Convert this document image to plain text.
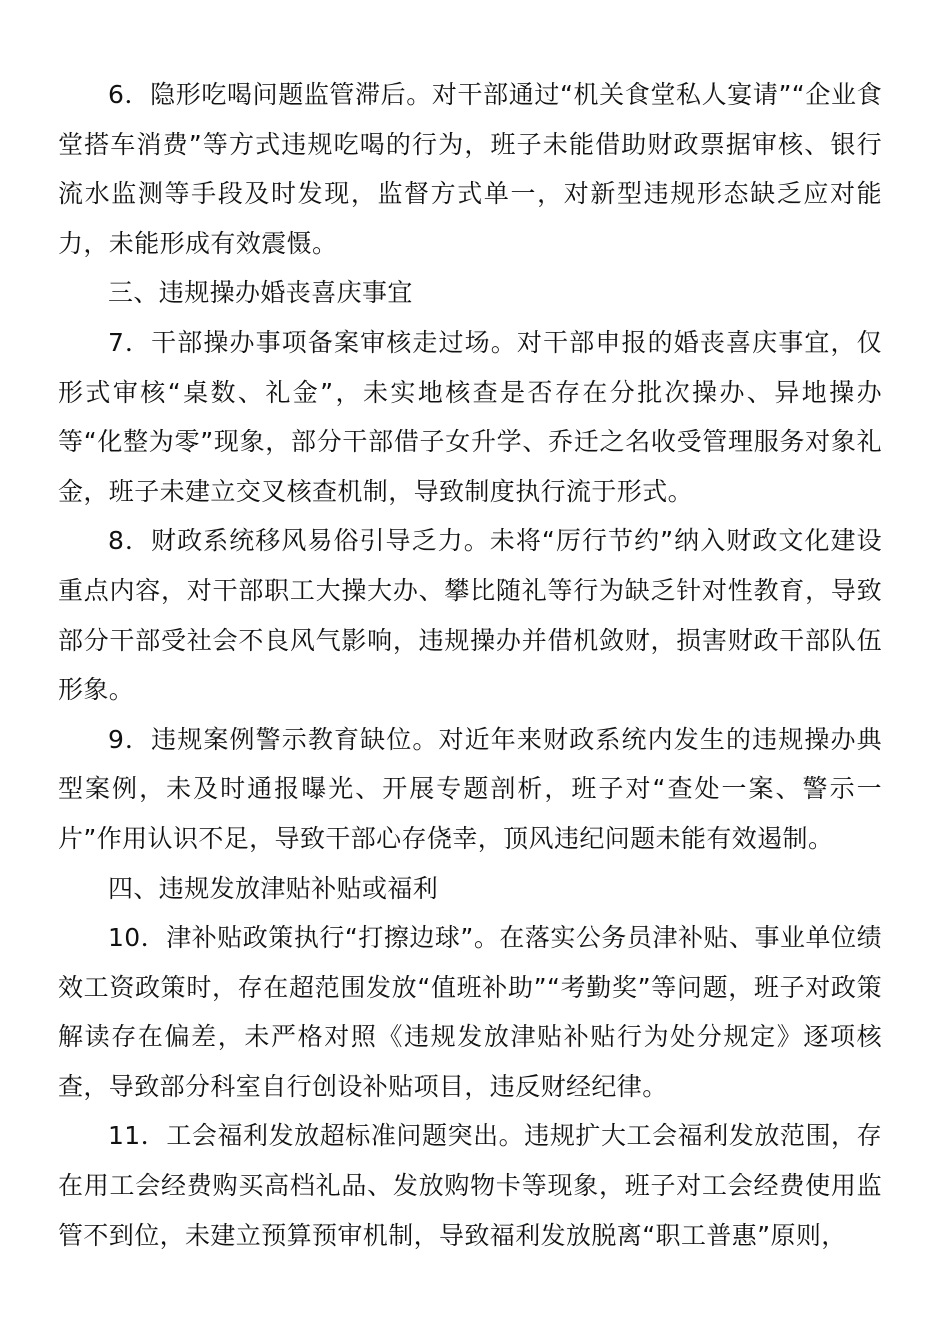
6．隐形吃喝问题监管滞后。对干部通过“机关食堂私人宴请”“企业食堂搭车消费”等方式违规吃喝的行为，班子未能借助财政票据审核、银行流水监测等手段及时发现，监督方式单一，对新型违规形态缺乏应对能力，未能形成有效震慑。

三、违规操办婚丧喜庆事宜

7．干部操办事项备案审核走过场。对干部申报的婚丧喜庆事宜，仅形式审核“桌数、礼金”，未实地核查是否存在分批次操办、异地操办等“化整为零”现象，部分干部借子女升学、乔迁之名收受管理服务对象礼金，班子未建立交叉核查机制，导致制度执行流于形式。

8．财政系统移风易俗引导乏力。未将“厉行节约”纳入财政文化建设重点内容，对干部职工大操大办、攀比随礼等行为缺乏针对性教育，导致部分干部受社会不良风气影响，违规操办并借机敛财，损害财政干部队伍形象。

9．违规案例警示教育缺位。对近年来财政系统内发生的违规操办典型案例，未及时通报曝光、开展专题剖析，班子对“查处一案、警示一片”作用认识不足，导致干部心存侥幸，顶风违纪问题未能有效遏制。

四、违规发放津贴补贴或福利

10．津补贴政策执行“打擦边球”。在落实公务员津补贴、事业单位绩效工资政策时，存在超范围发放“值班补助”“考勤奖”等问题，班子对政策解读存在偏差，未严格对照《违规发放津贴补贴行为处分规定》逐项核查，导致部分科室自行创设补贴项目，违反财经纪律。

11．工会福利发放超标准问题突出。违规扩大工会福利发放范围，存在用工会经费购买高档礼品、发放购物卡等现象，班子对工会经费使用监管不到位，未建立预算预审机制，导致福利发放脱离“职工普惠”原则，
